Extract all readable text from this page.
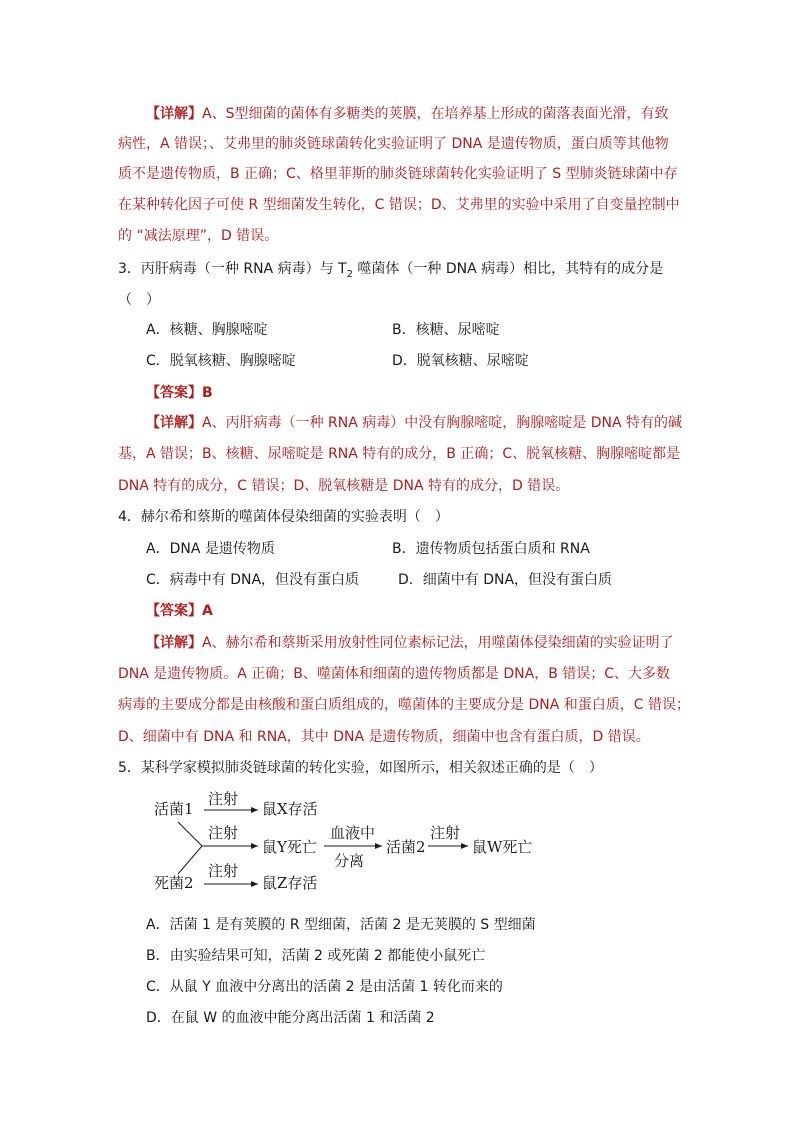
【详解】A、S型细菌的菌体有多糖类的荚膜，在培养基上形成的菌落表面光滑，有致
病性，A 错误；、艾弗里的肺炎链球菌转化实验证明了 DNA 是遗传物质，蛋白质等其他物
质不是遗传物质，B 正确；C、格里菲斯的肺炎链球菌转化实验证明了 S 型肺炎链球菌中存
在某种转化因子可使 R 型细菌发生转化，C 错误；D、艾弗里的实验中采用了自变量控制中
的 “减法原理”，D 错误。
3．丙肝病毒（一种 RNA 病毒）与 $T_2$ 噬菌体（一种 DNA 病毒）相比，其特有的成分是
（　）
A．核糖、胸腺嘧啶	B．核糖、尿嘧啶
C．脱氧核糖、胸腺嘧啶	D．脱氧核糖、尿嘧啶
【答案】B
【详解】A、丙肝病毒（一种 RNA 病毒）中没有胸腺嘧啶，胸腺嘧啶是 DNA 特有的碱
基，A 错误；B、核糖、尿嘧啶是 RNA 特有的成分，B 正确；C、脱氧核糖、胸腺嘧啶都是
DNA 特有的成分，C 错误；D、脱氧核糖是 DNA 特有的成分，D 错误。
4．赫尔希和蔡斯的噬菌体侵染细菌的实验表明（　）
A．DNA 是遗传物质	B．遗传物质包括蛋白质和 RNA
C．病毒中有 DNA，但没有蛋白质	D．细菌中有 DNA，但没有蛋白质
【答案】A
【详解】A、赫尔希和蔡斯采用放射性同位素标记法，用噬菌体侵染细菌的实验证明了
DNA 是遗传物质。A 正确；B、噬菌体和细菌的遗传物质都是 DNA，B 错误；C、大多数
病毒的主要成分都是由核酸和蛋白质组成的，噬菌体的主要成分是 DNA 和蛋白质，C 错误；
D、细菌中有 DNA 和 RNA，其中 DNA 是遗传物质，细菌中也含有蛋白质，D 错误。
5．某科学家模拟肺炎链球菌的转化实验，如图所示，相关叙述正确的是（　）
活菌1
注射
鼠X存活
注射
鼠Y死亡
血液中
分离
活菌2
注射
鼠W死亡
死菌2
注射
鼠Z存活
A．活菌 1 是有荚膜的 R 型细菌，活菌 2 是无荚膜的 S 型细菌
B．由实验结果可知，活菌 2 或死菌 2 都能使小鼠死亡
C．从鼠 Y 血液中分离出的活菌 2 是由活菌 1 转化而来的
D．在鼠 W 的血液中能分离出活菌 1 和活菌 2
